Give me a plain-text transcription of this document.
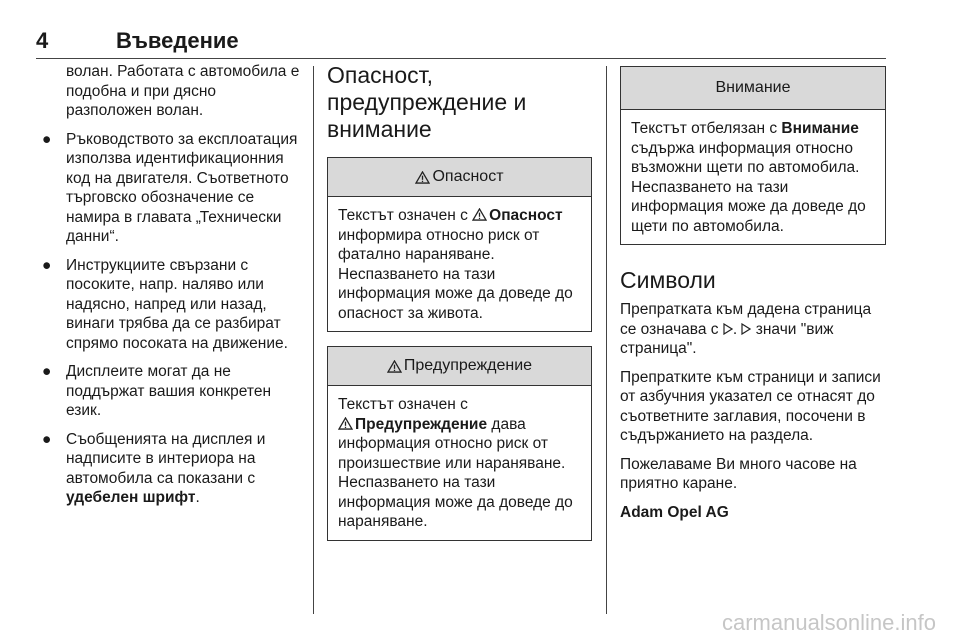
4	Въведение
волан. Работата с автомобила е подобна и при дясно разположен волан.
● Ръководството за експлоатация използва идентификационния код на двигателя. Съответното търговско обозначение се намира в главата „Технически данни“.
● Инструкциите свързани с посоките, напр. наляво или надясно, напред или назад, винаги трябва да се разбират спрямо посоката на движение.
● Дисплеите могат да не поддържат вашия конкретен език.
● Съобщенията на дисплея и надписите в интериора на автомобила са показани с удебелен шрифт.
Опасност, предупреждение и внимание
Опасност
Текстът означен с Опасност информира относно риск от фатално нараняване. Неспазването на тази информация може да доведе до опасност за живота.
Предупреждение
Текстът означен с
Предупреждение дава информация относно риск от произшествие или нараняване. Неспазването на тази информация може да доведе до нараняване.
Внимание
Текстът отбелязан с Внимание съдържа информация относно възможни щети по автомобила. Неспазването на тази информация може да доведе до щети по автомобила.
Символи

Препратката към дадена страница се означава с .  значи "виж страница".

Препратките към страници и записи от азбучния указател се отнасят до съответните заглавия, посочени в съдържанието на раздела.

Пожелаваме Ви много часове на приятно каране.

Adam Opel AG

carmanualsonline.info
